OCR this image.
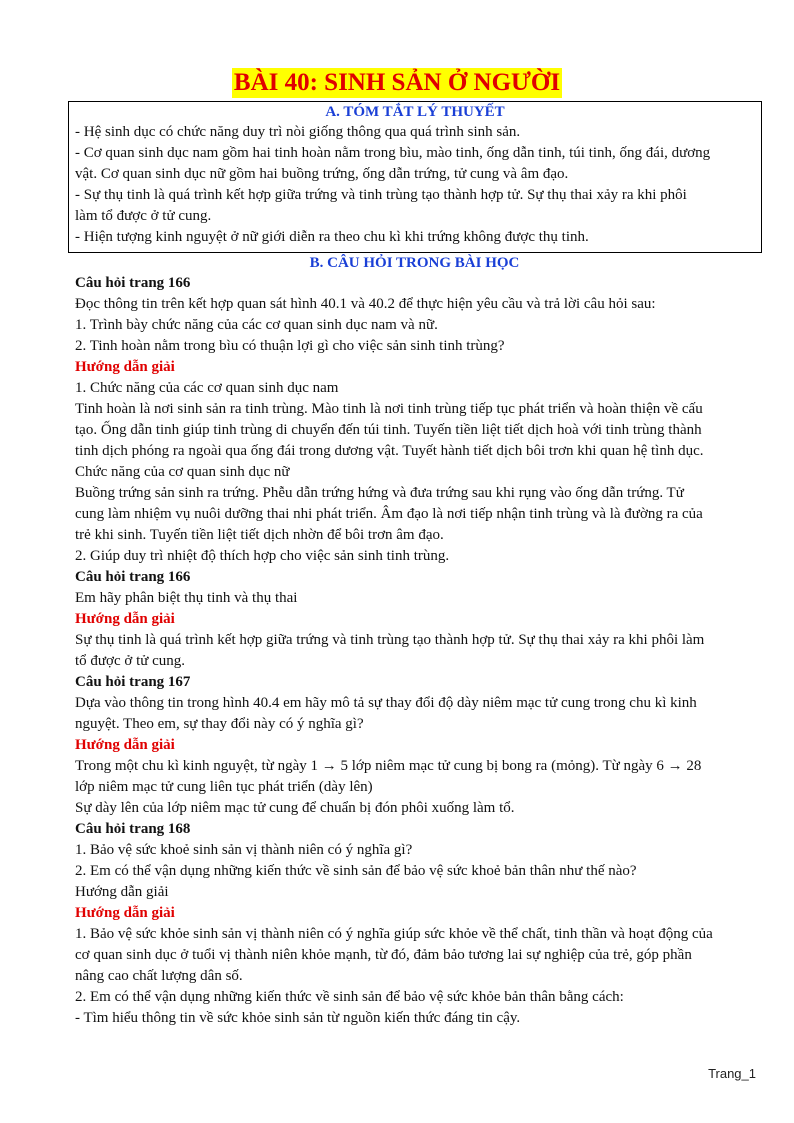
BÀI 40: SINH SẢN Ở NGƯỜI
A. TÓM TẮT LÝ THUYẾT

- Hệ sinh dục có chức năng duy trì nòi giống thông qua quá trình sinh sản.

- Cơ quan sinh dục nam gồm hai tinh hoàn nằm trong bìu, mào tinh, ống dẫn tinh, túi tinh, ống đái, dương

vật. Cơ quan sinh dục nữ gồm hai buồng trứng, ống dẫn trứng, tử cung và âm đạo.

- Sự thụ tinh là quá trình kết hợp giữa trứng và tinh trùng tạo thành hợp tử. Sự thụ thai xảy ra khi phôi

làm tổ được ở tử cung.

- Hiện tượng kinh nguyệt ở nữ giới diễn ra theo chu kì khi trứng không được thụ tinh.

B. CÂU HỎI TRONG BÀI HỌC

Câu hỏi trang 166

Đọc thông tin trên kết hợp quan sát hình 40.1 và 40.2 để thực hiện yêu cầu và trả lời câu hỏi sau:

1. Trình bày chức năng của các cơ quan sinh dục nam và nữ.

2. Tinh hoàn nằm trong bìu có thuận lợi gì cho việc sản sinh tinh trùng?

Hướng dẫn giải

1. Chức năng của các cơ quan sinh dục nam

Tinh hoàn là nơi sinh sản ra tinh trùng. Mào tinh là nơi tinh trùng tiếp tục phát triển và hoàn thiện về cấu

tạo. Ống dẫn tinh giúp tinh trùng di chuyển đến túi tinh. Tuyến tiền liệt tiết dịch hoà với tinh trùng thành

tinh dịch phóng ra ngoài qua ống đái trong dương vật. Tuyết hành tiết dịch bôi trơn khi quan hệ tình dục.

Chức năng của cơ quan sinh dục nữ

Buồng trứng sản sinh ra trứng. Phễu dẫn trứng hứng và đưa trứng sau khi rụng vào ống dẫn trứng. Tử

cung làm nhiệm vụ nuôi dưỡng thai nhi phát triển. Âm đạo là nơi tiếp nhận tinh trùng và là đường ra của

trẻ khi sinh. Tuyến tiền liệt tiết dịch nhờn để bôi trơn âm đạo.

2. Giúp duy trì nhiệt độ thích hợp cho việc sản sinh tinh trùng.

Câu hỏi trang 166

Em hãy phân biệt thụ tinh và thụ thai

Hướng dẫn giải

Sự thụ tinh là quá trình kết hợp giữa trứng và tinh trùng tạo thành hợp tử. Sự thụ thai xảy ra khi phôi làm

tổ được ở tử cung.

Câu hỏi trang 167

Dựa vào thông tin trong hình 40.4 em hãy mô tả sự thay đổi độ dày niêm mạc tử cung trong chu kì kinh

nguyệt. Theo em, sự thay đổi này có ý nghĩa gì?

Hướng dẫn giải

Trong một chu kì kinh nguyệt, từ ngày 1 → 5 lớp niêm mạc tử cung bị bong ra (mỏng). Từ ngày 6 → 28

lớp niêm mạc tử cung liên tục phát triển (dày lên)

Sự dày lên của lớp niêm mạc tử cung để chuẩn bị đón phôi xuống làm tổ.

Câu hỏi trang 168

1. Bảo vệ sức khoẻ sinh sản vị thành niên có ý nghĩa gì?

2. Em có thể vận dụng những kiến thức về sinh sản để bảo vệ sức khoẻ bản thân như thế nào?

Hướng dẫn giải

Hướng dẫn giải

1. Bảo vệ sức khỏe sinh sản vị thành niên có ý nghĩa giúp sức khỏe về thể chất, tinh thần và hoạt động của

cơ quan sinh dục ở tuổi vị thành niên khỏe mạnh, từ đó, đảm bảo tương lai sự nghiệp của trẻ, góp phần

nâng cao chất lượng dân số.

2. Em có thể vận dụng những kiến thức về sinh sản để bảo vệ sức khỏe bản thân bằng cách:

- Tìm hiểu thông tin về sức khỏe sinh sản từ nguồn kiến thức đáng tin cậy.

Trang_1
